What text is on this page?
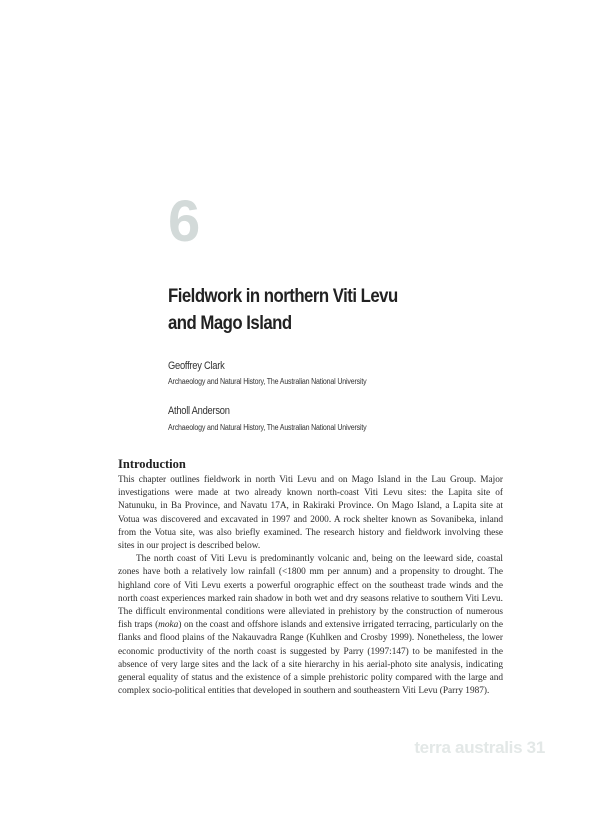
6
Fieldwork in northern Viti Levu
and Mago Island
Geoffrey Clark
Archaeology and Natural History, The Australian National University
Atholl Anderson
Archaeology and Natural History, The Australian National University
Introduction

This chapter outlines fieldwork in north Viti Levu and on Mago Island in the Lau Group. Major investigations were made at two already known north-coast Viti Levu sites: the Lapita site of Natunuku, in Ba Province, and Navatu 17A, in Rakiraki Province. On Mago Island, a Lapita site at Votua was discovered and excavated in 1997 and 2000. A rock shelter known as Sovanibeka, inland from the Votua site, was also briefly examined. The research history and fieldwork involving these sites in our project is described below.

The north coast of Viti Levu is predominantly volcanic and, being on the leeward side, coastal zones have both a relatively low rainfall (<1800 mm per annum) and a propensity to drought. The highland core of Viti Levu exerts a powerful orographic effect on the southeast trade winds and the north coast experiences marked rain shadow in both wet and dry seasons relative to southern Viti Levu. The difficult environmental conditions were alleviated in prehistory by the construction of numerous fish traps (moka) on the coast and offshore islands and extensive irrigated terracing, particularly on the flanks and flood plains of the Nakauvadra Range (Kuhlken and Crosby 1999). Nonetheless, the lower economic productivity of the north coast is suggested by Parry (1997:147) to be manifested in the absence of very large sites and the lack of a site hierarchy in his aerial-photo site analysis, indicating general equality of status and the existence of a simple prehistoric polity compared with the large and complex socio-political entities that developed in southern and southeastern Viti Levu (Parry 1987).

terra australis 31
